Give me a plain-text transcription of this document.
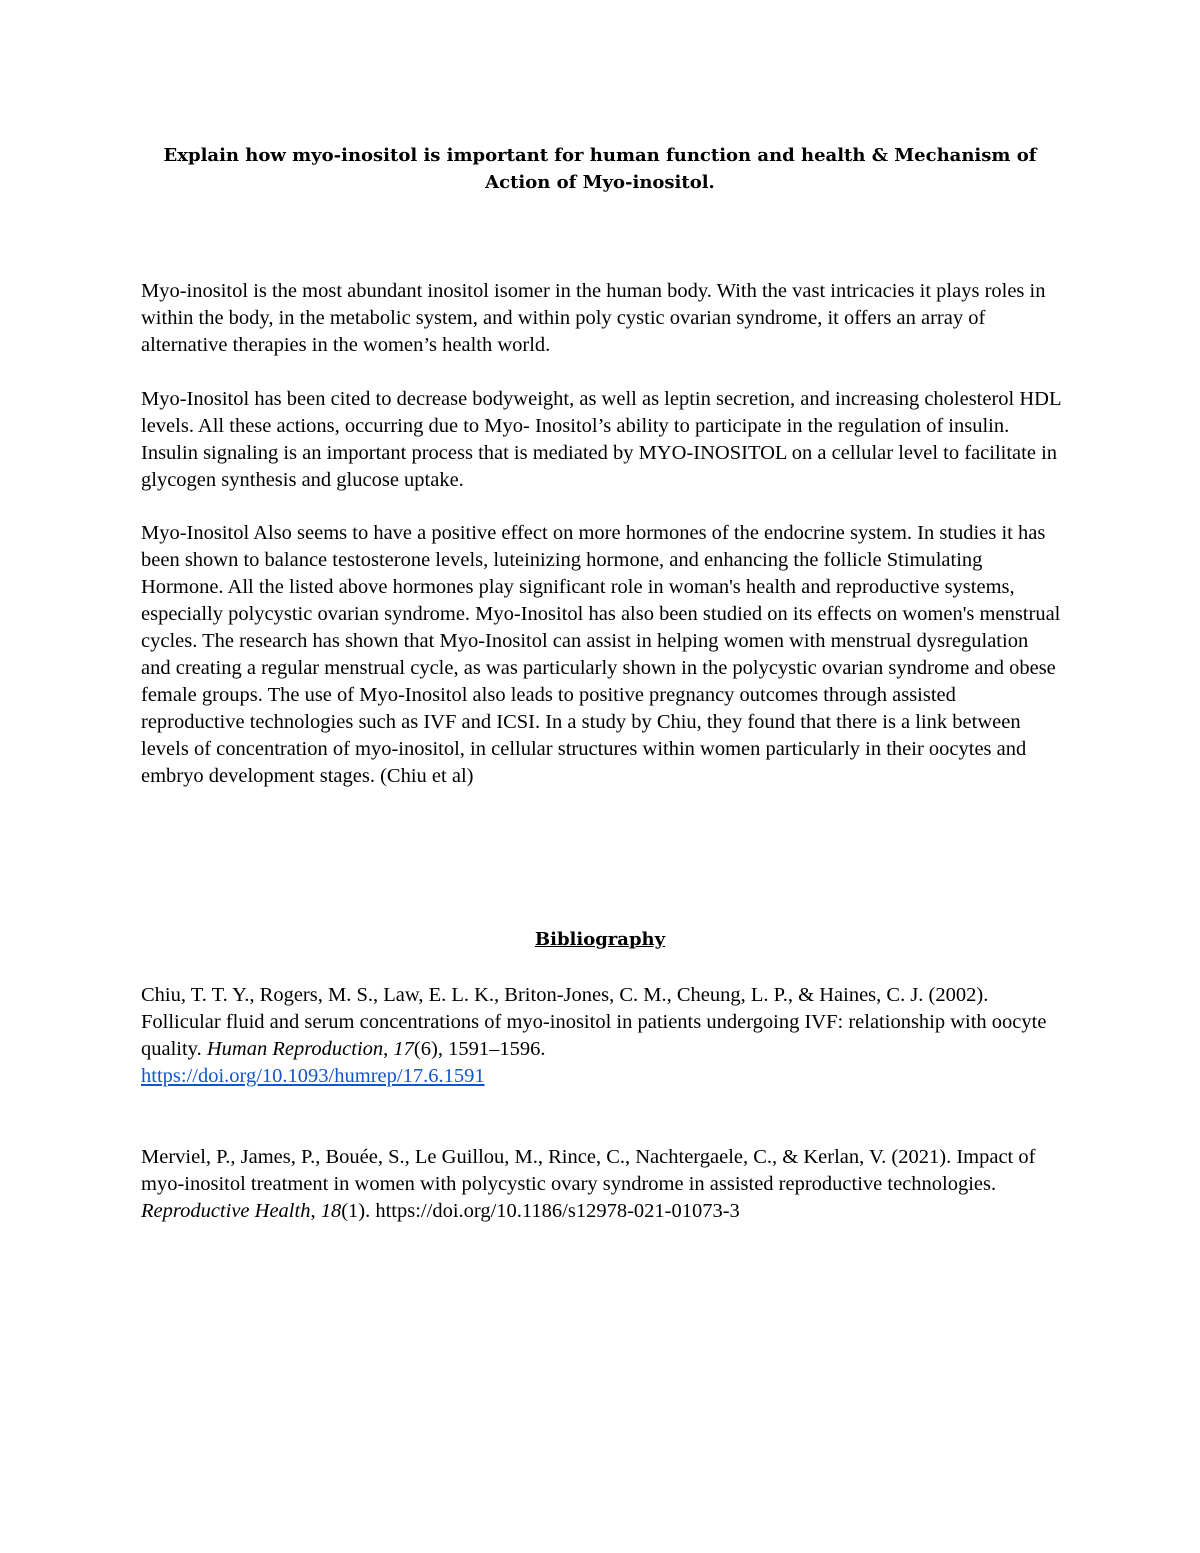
Explain how myo-inositol is important for human function and health & Mechanism of
Action of Myo-inositol.

Myo-inositol is the most abundant inositol isomer in the human body. With the vast intricacies it plays roles in within the body, in the metabolic system, and within poly cystic ovarian syndrome, it offers an array of alternative therapies in the women’s health world.

Myo-Inositol has been cited to decrease bodyweight, as well as leptin secretion, and increasing cholesterol HDL levels. All these actions, occurring due to Myo- Inositol’s ability to participate in the regulation of insulin. Insulin signaling is an important process that is mediated by MYO-INOSITOL on a cellular level to facilitate in glycogen synthesis and glucose uptake.

Myo-Inositol Also seems to have a positive effect on more hormones of the endocrine system. In studies it has been shown to balance testosterone levels, luteinizing hormone, and enhancing the follicle Stimulating Hormone. All the listed above hormones play significant role in woman's health and reproductive systems, especially polycystic ovarian syndrome. Myo-Inositol has also been studied on its effects on women's menstrual cycles. The research has shown that Myo-Inositol can assist in helping women with menstrual dysregulation and creating a regular menstrual cycle, as was particularly shown in the polycystic ovarian syndrome and obese female groups. The use of Myo-Inositol also leads to positive pregnancy outcomes through assisted reproductive technologies such as IVF and ICSI. In a study by Chiu, they found that there is a link between levels of concentration of myo-inositol, in cellular structures within women particularly in their oocytes and embryo development stages. (Chiu et al)

Bibliography

Chiu, T. T. Y., Rogers, M. S., Law, E. L. K., Briton-Jones, C. M., Cheung, L. P., & Haines, C. J. (2002). Follicular fluid and serum concentrations of myo-inositol in patients undergoing IVF: relationship with oocyte quality. Human Reproduction, 17(6), 1591–1596.
https://doi.org/10.1093/humrep/17.6.1591

Merviel, P., James, P., Bouée, S., Le Guillou, M., Rince, C., Nachtergaele, C., & Kerlan, V. (2021). Impact of myo-inositol treatment in women with polycystic ovary syndrome in assisted reproductive technologies. Reproductive Health, 18(1). https://doi.org/10.1186/s12978-021-01073-3
